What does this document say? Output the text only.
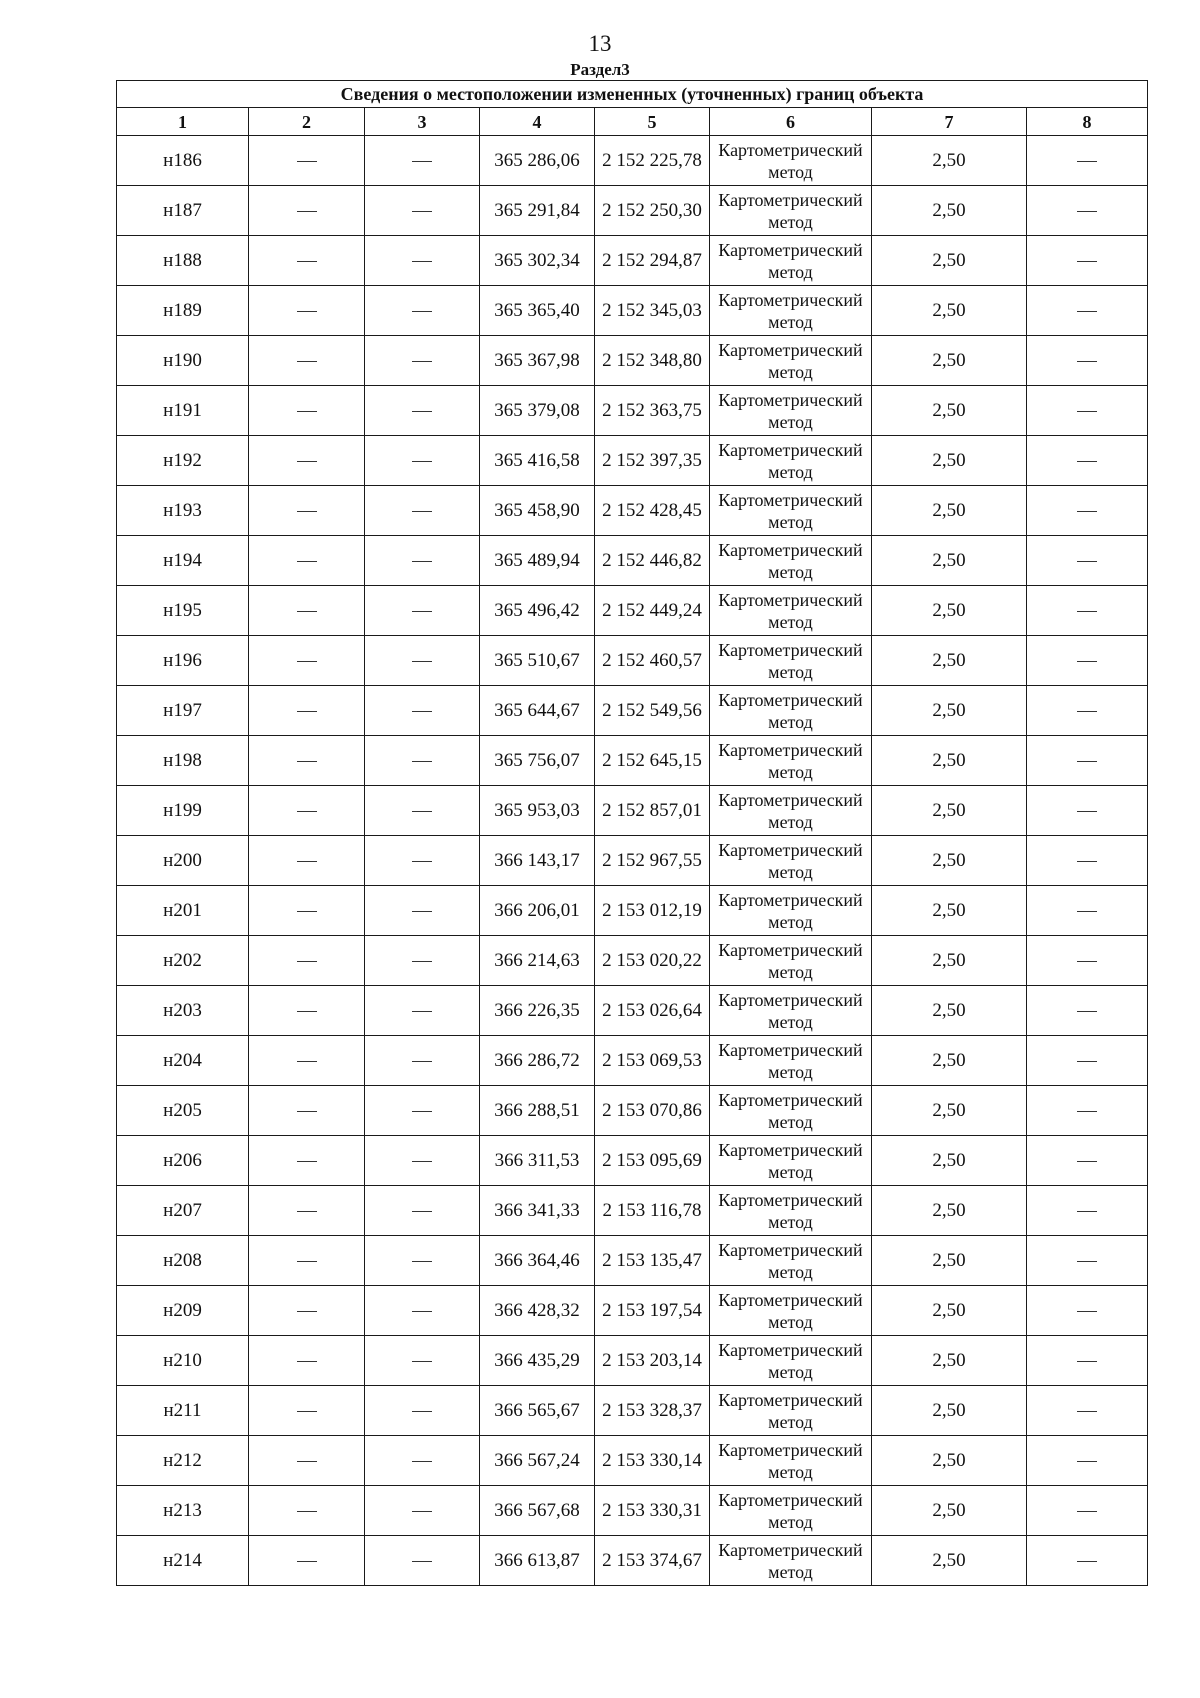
13
Раздел3
Сведения о местоположении измененных (уточненных) границ объекта							
1	2	3	4	5	6	7	8
н186			365 286,06	2 152 225,78	Картометрический метод	2,50	
н187			365 291,84	2 152 250,30	Картометрический метод	2,50	
н188			365 302,34	2 152 294,87	Картометрический метод	2,50	
н189			365 365,40	2 152 345,03	Картометрический метод	2,50	
н190			365 367,98	2 152 348,80	Картометрический метод	2,50	
н191			365 379,08	2 152 363,75	Картометрический метод	2,50	
н192			365 416,58	2 152 397,35	Картометрический метод	2,50	
н193			365 458,90	2 152 428,45	Картометрический метод	2,50	
н194			365 489,94	2 152 446,82	Картометрический метод	2,50	
н195			365 496,42	2 152 449,24	Картометрический метод	2,50	
н196			365 510,67	2 152 460,57	Картометрический метод	2,50	
н197			365 644,67	2 152 549,56	Картометрический метод	2,50	
н198			365 756,07	2 152 645,15	Картометрический метод	2,50	
н199			365 953,03	2 152 857,01	Картометрический метод	2,50	
н200			366 143,17	2 152 967,55	Картометрический метод	2,50	
н201			366 206,01	2 153 012,19	Картометрический метод	2,50	
н202			366 214,63	2 153 020,22	Картометрический метод	2,50	
н203			366 226,35	2 153 026,64	Картометрический метод	2,50	
н204			366 286,72	2 153 069,53	Картометрический метод	2,50	
н205			366 288,51	2 153 070,86	Картометрический метод	2,50	
н206			366 311,53	2 153 095,69	Картометрический метод	2,50	
н207			366 341,33	2 153 116,78	Картометрический метод	2,50	
н208			366 364,46	2 153 135,47	Картометрический метод	2,50	
н209			366 428,32	2 153 197,54	Картометрический метод	2,50	
н210			366 435,29	2 153 203,14	Картометрический метод	2,50	
н211			366 565,67	2 153 328,37	Картометрический метод	2,50	
н212			366 567,24	2 153 330,14	Картометрический метод	2,50	
н213			366 567,68	2 153 330,31	Картометрический метод	2,50	
н214			366 613,87	2 153 374,67	Картометрический метод	2,50	
